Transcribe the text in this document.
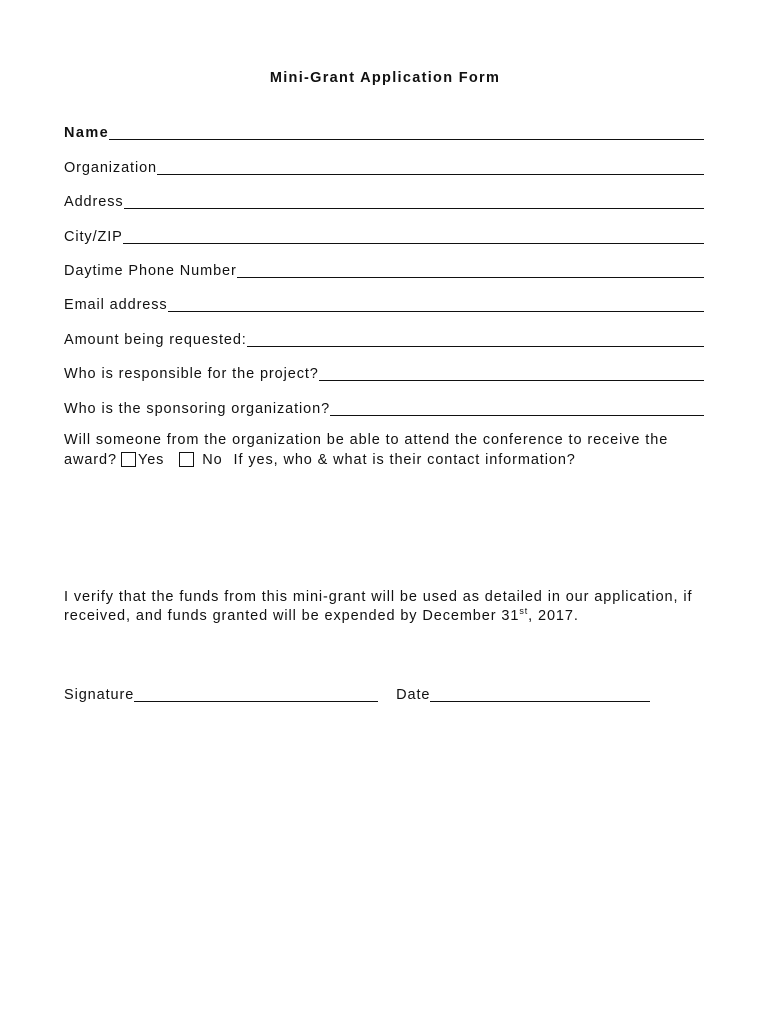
Mini-Grant Application Form
Name
Organization
Address
City/ZIP
Daytime Phone Number
Email address
Amount being requested:
Who is responsible for the project?
Who is the sponsoring organization?
Will someone from the organization be able to attend the conference to receive the
award? Yes	No If yes, who & what is their contact information?
I verify that the funds from this mini-grant will be used as detailed in our application, if received, and funds granted will be expended by December 31st, 2017.
Signature	Date
